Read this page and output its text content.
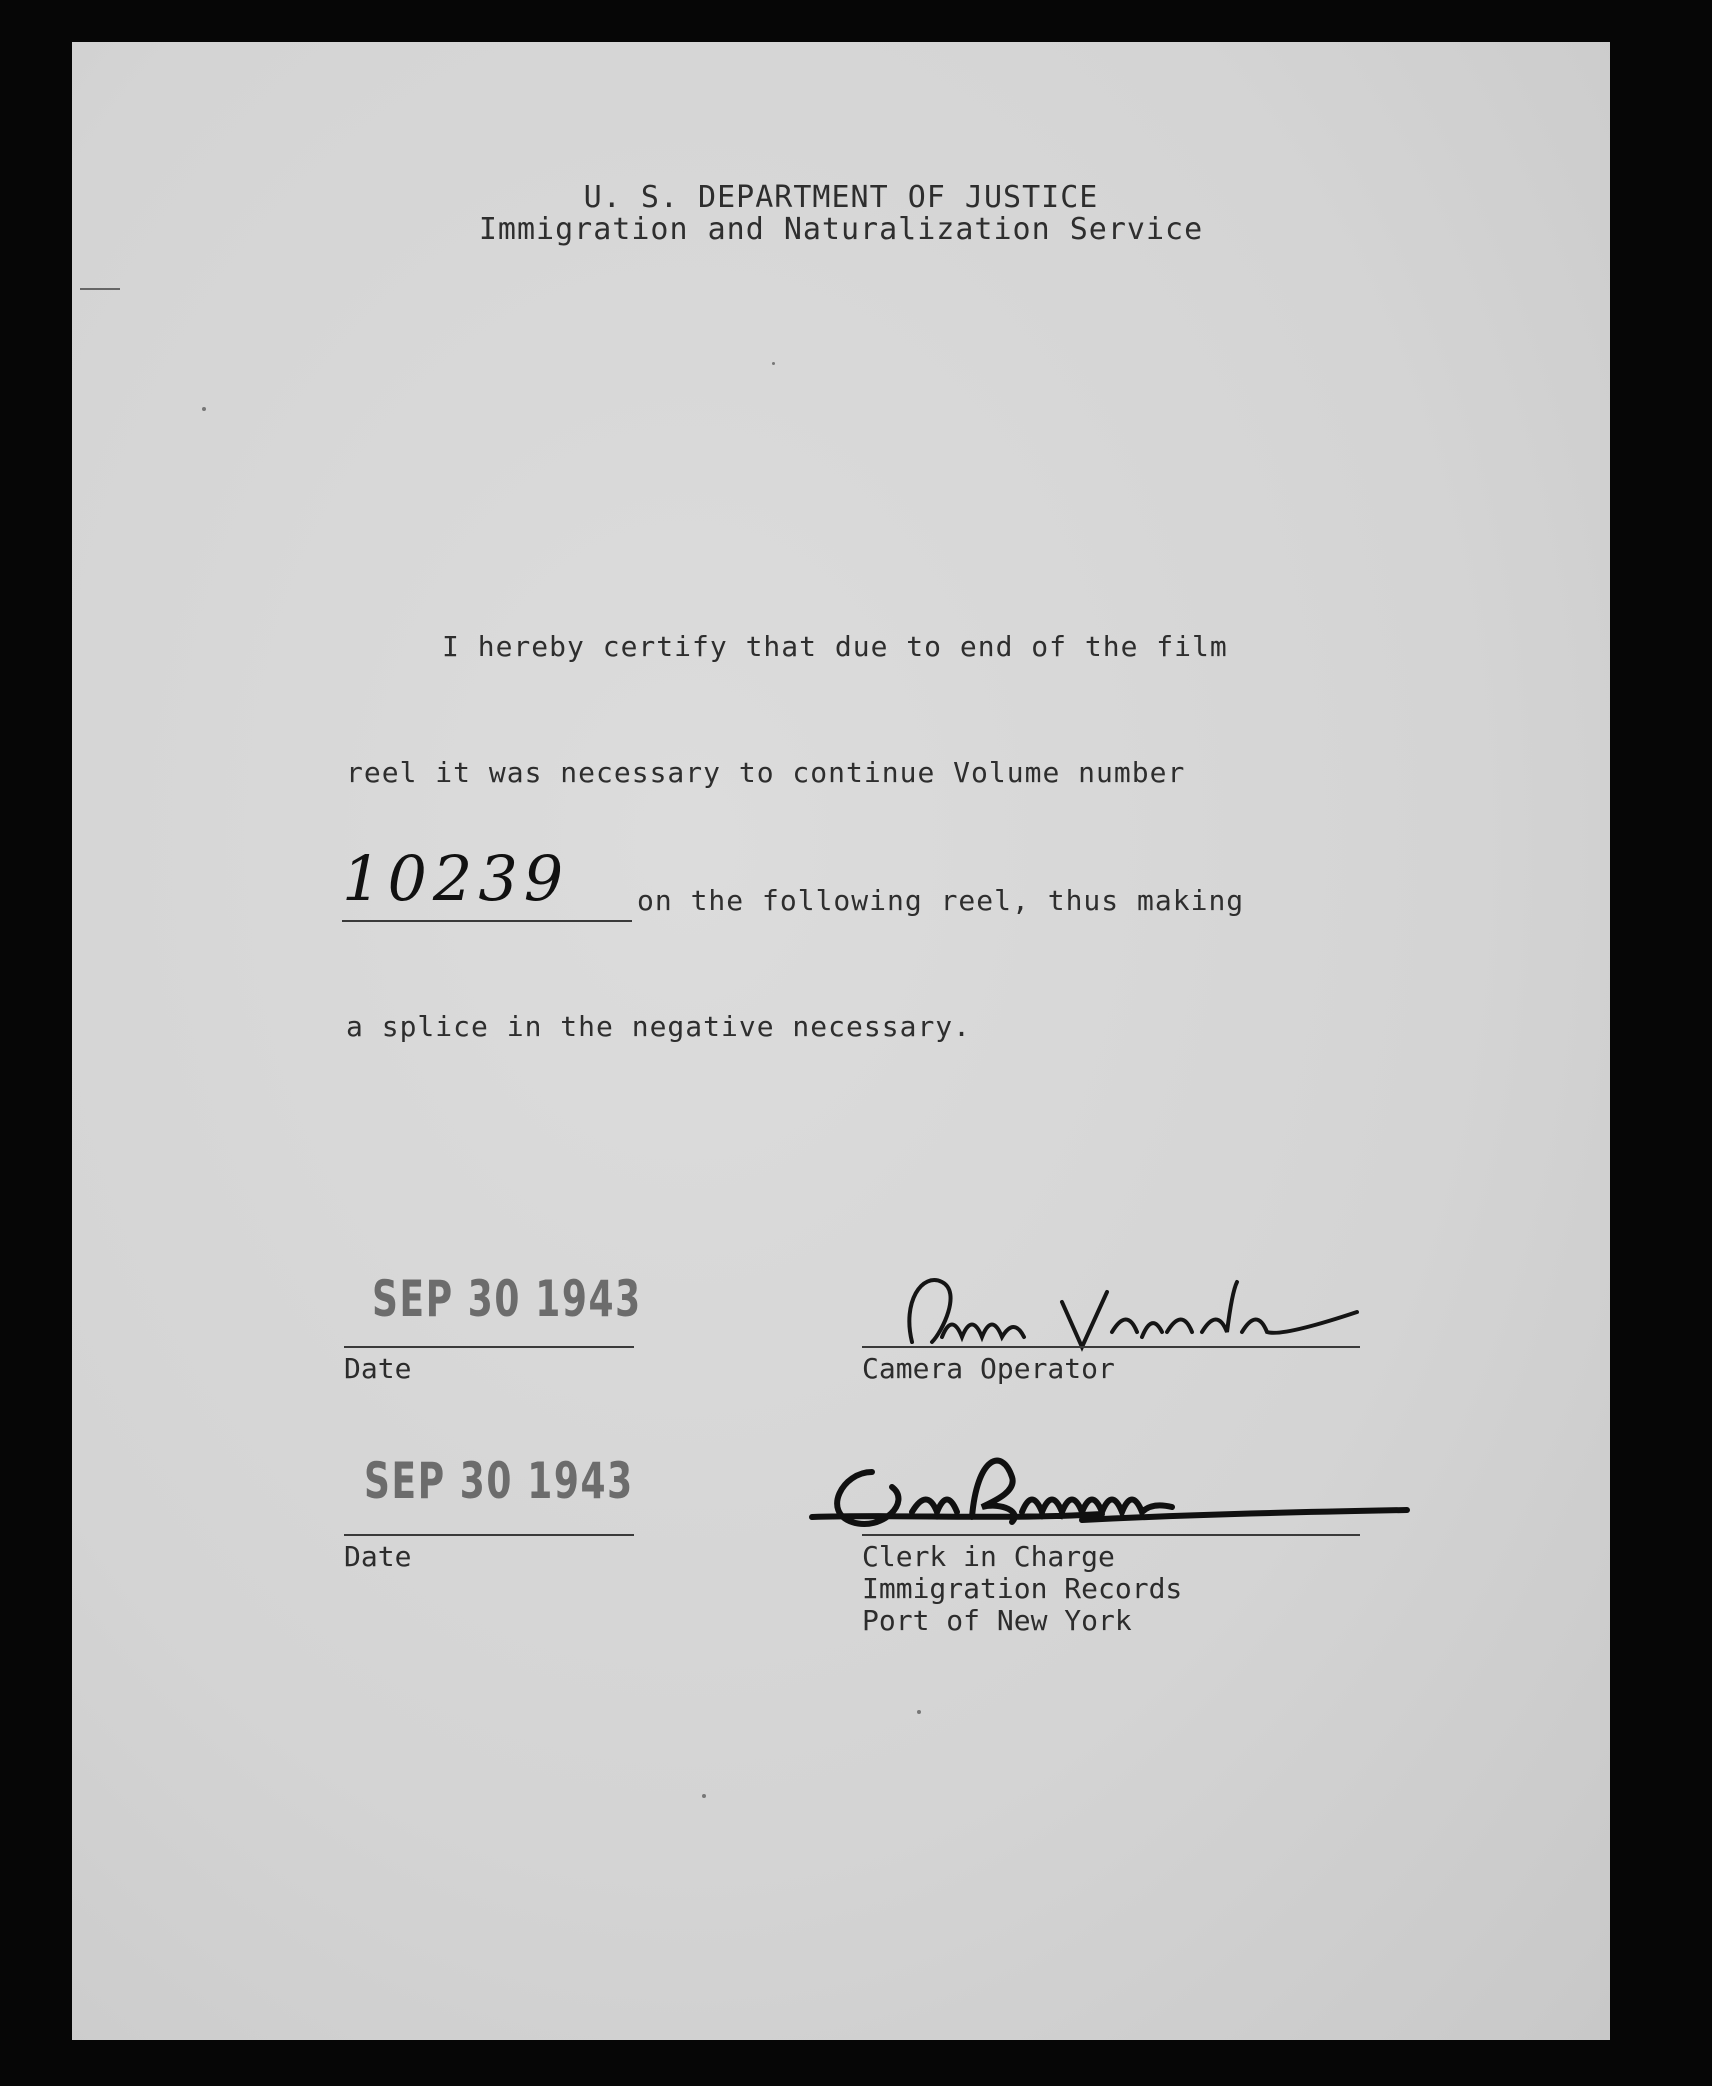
U. S. DEPARTMENT OF JUSTICE
Immigration and Naturalization Service
I hereby certify that due to end of the film
reel it was necessary to continue Volume number
10239 on the following reel, thus making
a splice in the negative necessary.
SEP 30 1943
Date	Camera Operator
SEP 30 1943
Date	Clerk in Charge
Immigration Records
Port of New York
